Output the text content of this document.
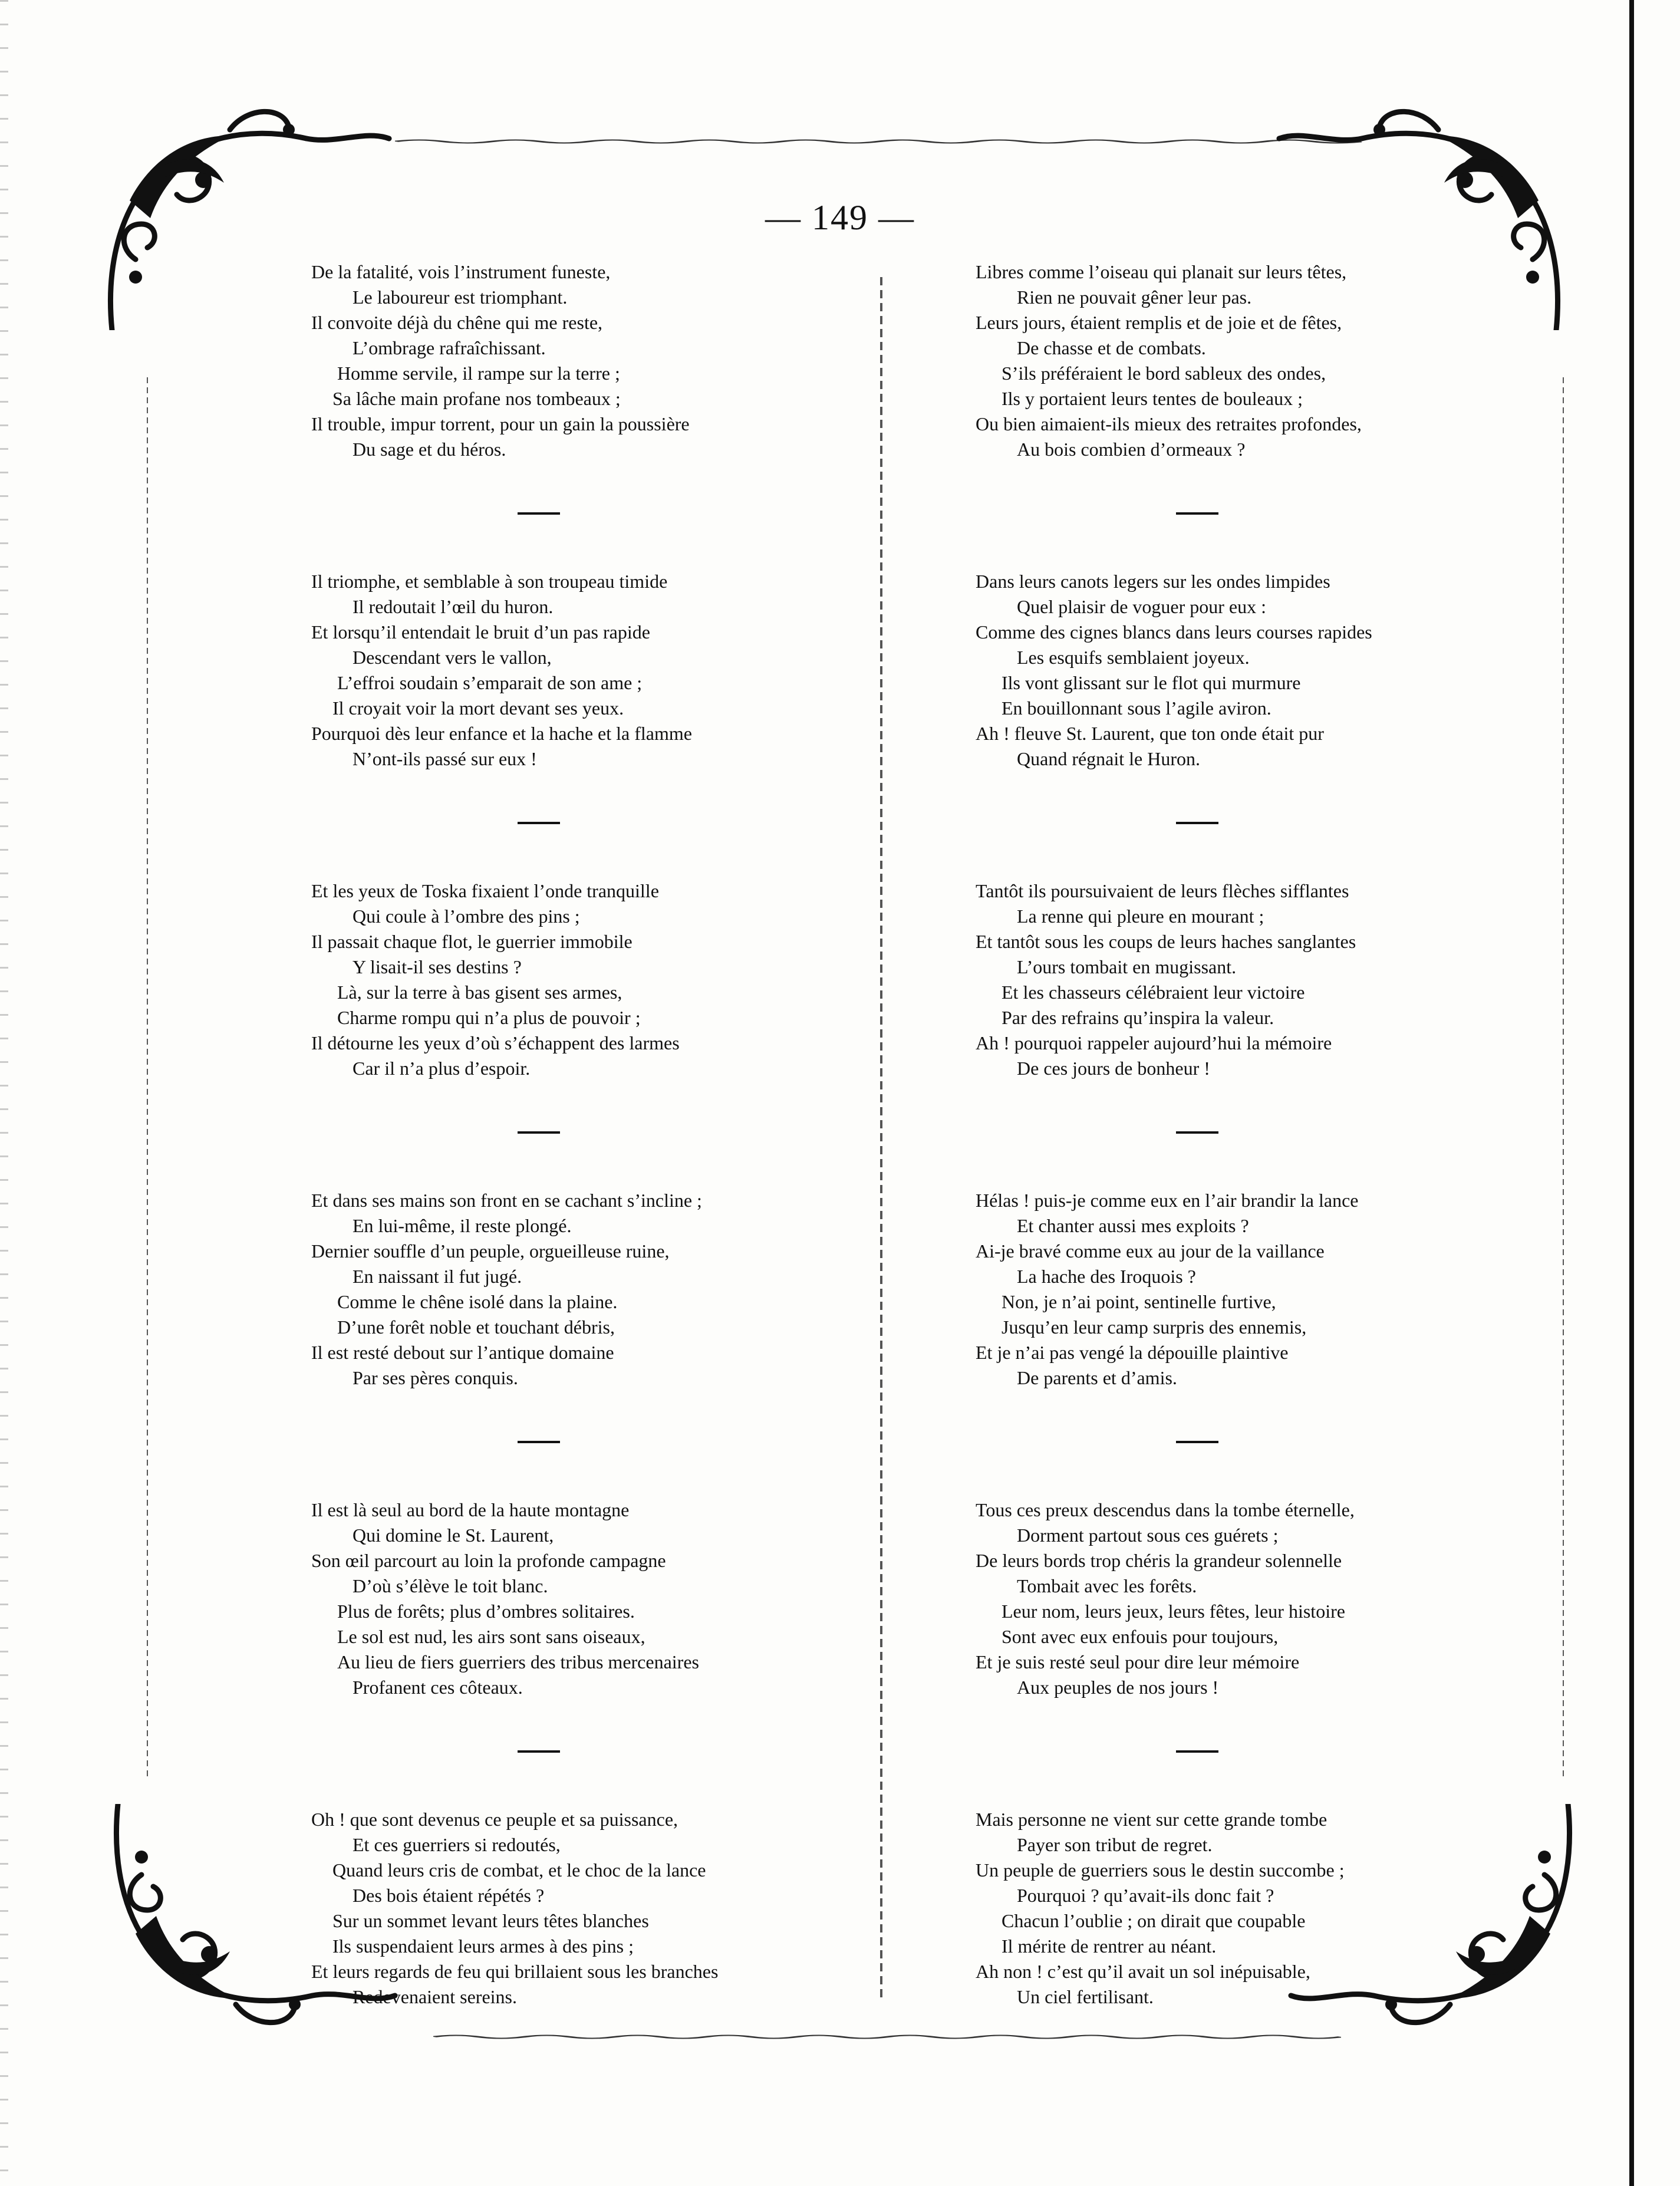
— 149 —
De la fatalité, vois l’instrument funeste,
Le laboureur est triomphant.
Il convoite déjà du chêne qui me reste,
L’ombrage rafraîchissant.
Homme servile, il rampe sur la terre ;
Sa lâche main profane nos tombeaux ;
Il trouble, impur torrent, pour un gain la poussière
Du sage et du héros.
Il triomphe, et semblable à son troupeau timide
Il redoutait l’œil du huron.
Et lorsqu’il entendait le bruit d’un pas rapide
Descendant vers le vallon,
L’effroi soudain s’emparait de son ame ;
Il croyait voir la mort devant ses yeux.
Pourquoi dès leur enfance et la hache et la flamme
N’ont-ils passé sur eux !
Et les yeux de Toska fixaient l’onde tranquille
Qui coule à l’ombre des pins ;
Il passait chaque flot, le guerrier immobile
Y lisait-il ses destins ?
Là, sur la terre à bas gisent ses armes,
Charme rompu qui n’a plus de pouvoir ;
Il détourne les yeux d’où s’échappent des larmes
Car il n’a plus d’espoir.
Et dans ses mains son front en se cachant s’incline ;
En lui-même, il reste plongé.
Dernier souffle d’un peuple, orgueilleuse ruine,
En naissant il fut jugé.
Comme le chêne isolé dans la plaine.
D’une forêt noble et touchant débris,
Il est resté debout sur l’antique domaine
Par ses pères conquis.
Il est là seul au bord de la haute montagne
Qui domine le St. Laurent,
Son œil parcourt au loin la profonde campagne
D’où s’élève le toit blanc.
Plus de forêts; plus d’ombres solitaires.
Le sol est nud, les airs sont sans oiseaux,
Au lieu de fiers guerriers des tribus mercenaires
Profanent ces côteaux.
Oh ! que sont devenus ce peuple et sa puissance,
Et ces guerriers si redoutés,
Quand leurs cris de combat, et le choc de la lance
Des bois étaient répétés ?
Sur un sommet levant leurs têtes blanches
Ils suspendaient leurs armes à des pins ;
Et leurs regards de feu qui brillaient sous les branches
Redevenaient sereins.
Libres comme l’oiseau qui planait sur leurs têtes,
Rien ne pouvait gêner leur pas.
Leurs jours, étaient remplis et de joie et de fêtes,
De chasse et de combats.
S’ils préféraient le bord sableux des ondes,
Ils y portaient leurs tentes de bouleaux ;
Ou bien aimaient-ils mieux des retraites profondes,
Au bois combien d’ormeaux ?
Dans leurs canots legers sur les ondes limpides
Quel plaisir de voguer pour eux :
Comme des cignes blancs dans leurs courses rapides
Les esquifs semblaient joyeux.
Ils vont glissant sur le flot qui murmure
En bouillonnant sous l’agile aviron.
Ah ! fleuve St. Laurent, que ton onde était pur
Quand régnait le Huron.
Tantôt ils poursuivaient de leurs flèches sifflantes
La renne qui pleure en mourant ;
Et tantôt sous les coups de leurs haches sanglantes
L’ours tombait en mugissant.
Et les chasseurs célébraient leur victoire
Par des refrains qu’inspira la valeur.
Ah ! pourquoi rappeler aujourd’hui la mémoire
De ces jours de bonheur !
Hélas ! puis-je comme eux en l’air brandir la lance
Et chanter aussi mes exploits ?
Ai-je bravé comme eux au jour de la vaillance
La hache des Iroquois ?
Non, je n’ai point, sentinelle furtive,
Jusqu’en leur camp surpris des ennemis,
Et je n’ai pas vengé la dépouille plaintive
De parents et d’amis.
Tous ces preux descendus dans la tombe éternelle,
Dorment partout sous ces guérets ;
De leurs bords trop chéris la grandeur solennelle
Tombait avec les forêts.
Leur nom, leurs jeux, leurs fêtes, leur histoire
Sont avec eux enfouis pour toujours,
Et je suis resté seul pour dire leur mémoire
Aux peuples de nos jours !
Mais personne ne vient sur cette grande tombe
Payer son tribut de regret.
Un peuple de guerriers sous le destin succombe ;
Pourquoi ? qu’avait-ils donc fait ?
Chacun l’oublie ; on dirait que coupable
Il mérite de rentrer au néant.
Ah non ! c’est qu’il avait un sol inépuisable,
Un ciel fertilisant.
